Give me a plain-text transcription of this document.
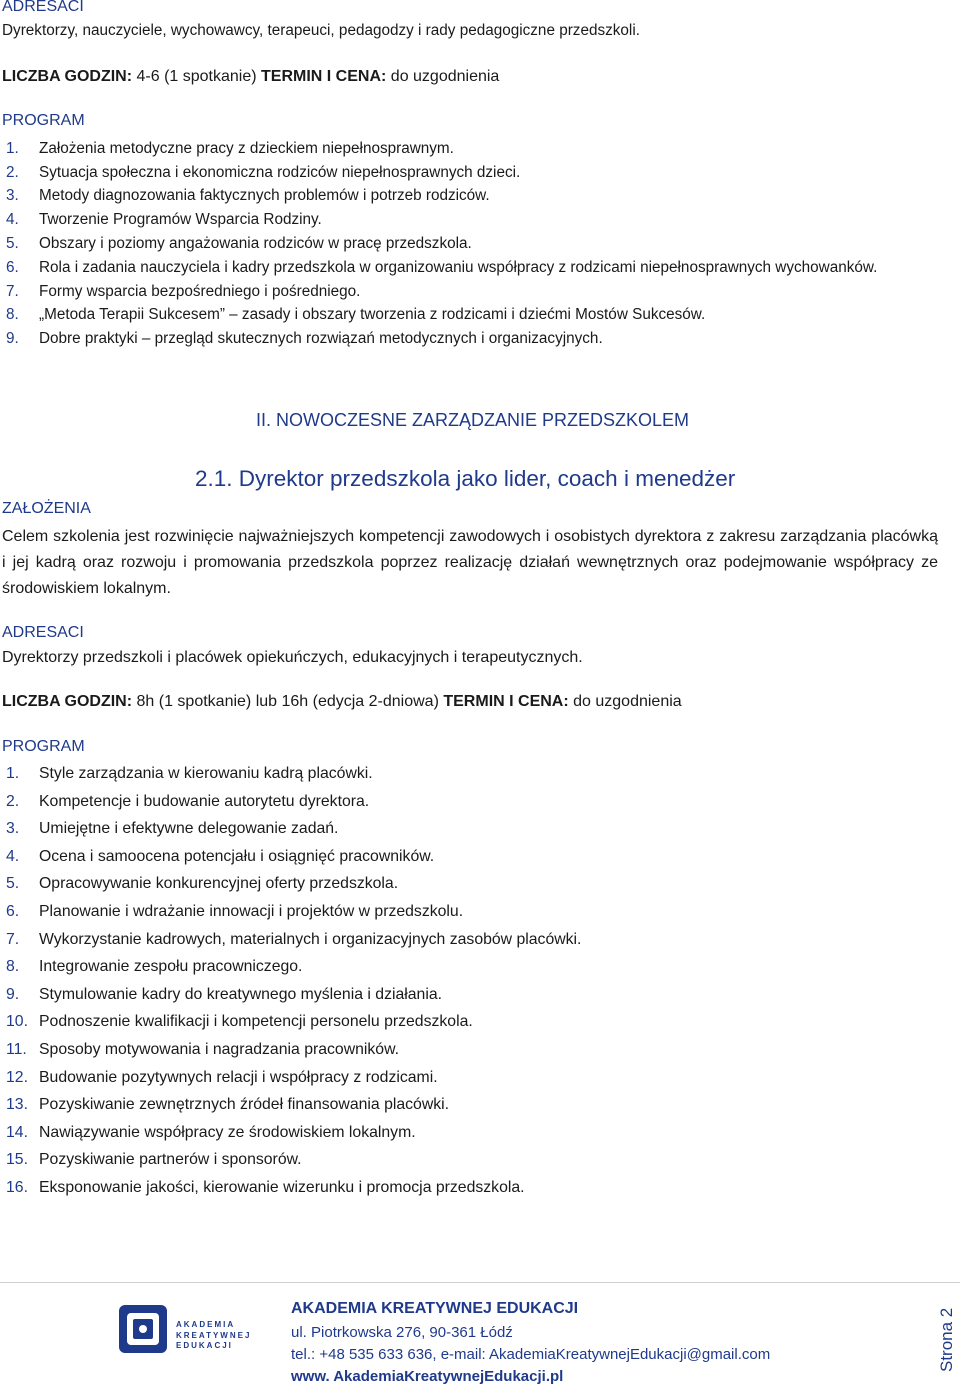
ADRESACI
Dyrektorzy, nauczyciele, wychowawcy, terapeuci, pedagodzy i rady pedagogiczne przedszkoli.
LICZBA GODZIN: 4-6 (1 spotkanie) TERMIN I CENA: do uzgodnienia
PROGRAM
1. Założenia metodyczne pracy z dzieckiem niepełnosprawnym.
2. Sytuacja społeczna i ekonomiczna rodziców niepełnosprawnych dzieci.
3. Metody diagnozowania faktycznych problemów i potrzeb rodziców.
4. Tworzenie Programów Wsparcia Rodziny.
5. Obszary i poziomy angażowania rodziców w pracę przedszkola.
6. Rola i zadania nauczyciela i kadry przedszkola w organizowaniu współpracy z rodzicami niepełnosprawnych wychowanków.
7. Formy wsparcia bezpośredniego i pośredniego.
8. „Metoda Terapii Sukcesem” – zasady i obszary tworzenia z rodzicami i dziećmi Mostów Sukcesów.
9. Dobre praktyki – przegląd skutecznych rozwiązań metodycznych i organizacyjnych.
II. NOWOCZESNE ZARZĄDZANIE PRZEDSZKOLEM
2.1. Dyrektor przedszkola jako lider, coach i menedżer
ZAŁOŻENIA
Celem szkolenia jest rozwinięcie najważniejszych kompetencji zawodowych i osobistych dyrektora z zakresu zarządzania placówką i jej kadrą oraz rozwoju i promowania przedszkola poprzez realizację działań wewnętrznych oraz podejmowanie współpracy ze środowiskiem lokalnym.
ADRESACI
Dyrektorzy przedszkoli i placówek opiekuńczych, edukacyjnych i terapeutycznych.
LICZBA GODZIN: 8h (1 spotkanie) lub 16h (edycja 2-dniowa) TERMIN I CENA: do uzgodnienia
PROGRAM
1. Style zarządzania w kierowaniu kadrą placówki.
2. Kompetencje i budowanie autorytetu dyrektora.
3. Umiejętne i efektywne delegowanie zadań.
4. Ocena i samoocena potencjału i osiągnięć pracowników.
5. Opracowywanie konkurencyjnej oferty przedszkola.
6. Planowanie i wdrażanie innowacji i projektów w przedszkolu.
7. Wykorzystanie kadrowych, materialnych i organizacyjnych zasobów placówki.
8. Integrowanie zespołu pracowniczego.
9. Stymulowanie kadry do kreatywnego myślenia i działania.
10. Podnoszenie kwalifikacji i kompetencji personelu przedszkola.
11. Sposoby motywowania i nagradzania pracowników.
12. Budowanie pozytywnych relacji i współpracy z rodzicami.
13. Pozyskiwanie zewnętrznych źródeł finansowania placówki.
14. Nawiązywanie współpracy ze środowiskiem lokalnym.
15. Pozyskiwanie partnerów i sponsorów.
16. Eksponowanie jakości, kierowanie wizerunku i promocja przedszkola.
AKADEMIA
KREATYWNEJ
EDUKACJI
AKADEMIA KREATYWNEJ EDUKACJI
ul. Piotrkowska 276, 90-361 Łódź
tel.: +48 535 633 636, e-mail: AkademiaKreatywnejEdukacji@gmail.com
www. AkademiaKreatywnejEdukacji.pl
Strona 2
